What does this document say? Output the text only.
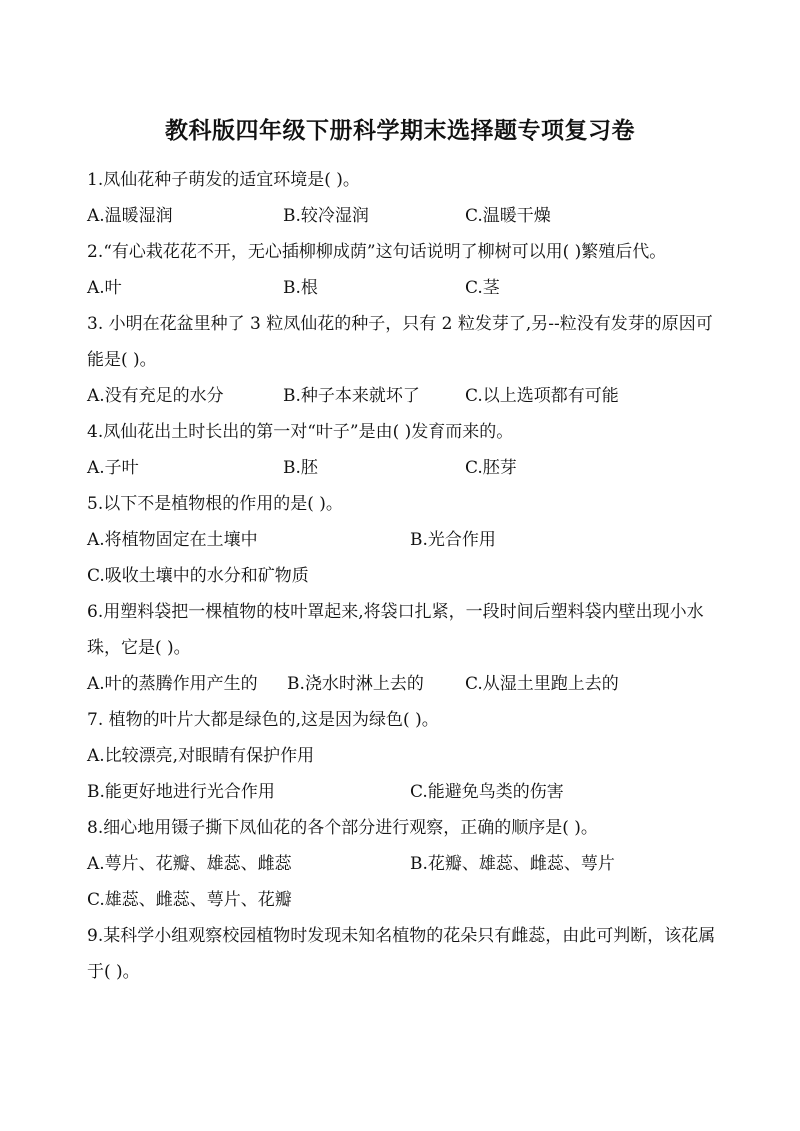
教科版四年级下册科学期末选择题专项复习卷

1.凤仙花种子萌发的适宜环境是( )。

A.温暖湿润	B.较冷湿润	C.温暖干燥

2.“有心栽花花不开，无心插柳柳成荫”这句话说明了柳树可以用( )繁殖后代。

A.叶	B.根	C.茎

3. 小明在花盆里种了 3 粒凤仙花的种子，只有 2 粒发芽了,另--粒没有发芽的原因可能是( )。

A.没有充足的水分	B.种子本来就坏了	C.以上选项都有可能

4.凤仙花出土时长出的第一对“叶子”是由( )发育而来的。

A.子叶	B.胚	C.胚芽

5.以下不是植物根的作用的是( )。

A.将植物固定在土壤中	B.光合作用
C.吸收土壤中的水分和矿物质

6.用塑料袋把一棵植物的枝叶罩起来,将袋口扎紧，一段时间后塑料袋内壁出现小水珠，它是( )。

A.叶的蒸腾作用产生的 B.浇水时淋上去的 C.从湿土里跑上去的

7. 植物的叶片大都是绿色的,这是因为绿色( )。

A.比较漂亮,对眼睛有保护作用
B.能更好地进行光合作用	C.能避免鸟类的伤害

8.细心地用镊子撕下凤仙花的各个部分进行观察，正确的顺序是( )。

A.萼片、花瓣、雄蕊、雌蕊	B.花瓣、雄蕊、雌蕊、萼片
C.雄蕊、雌蕊、萼片、花瓣

9.某科学小组观察校园植物时发现未知名植物的花朵只有雌蕊，由此可判断，该花属于( )。
